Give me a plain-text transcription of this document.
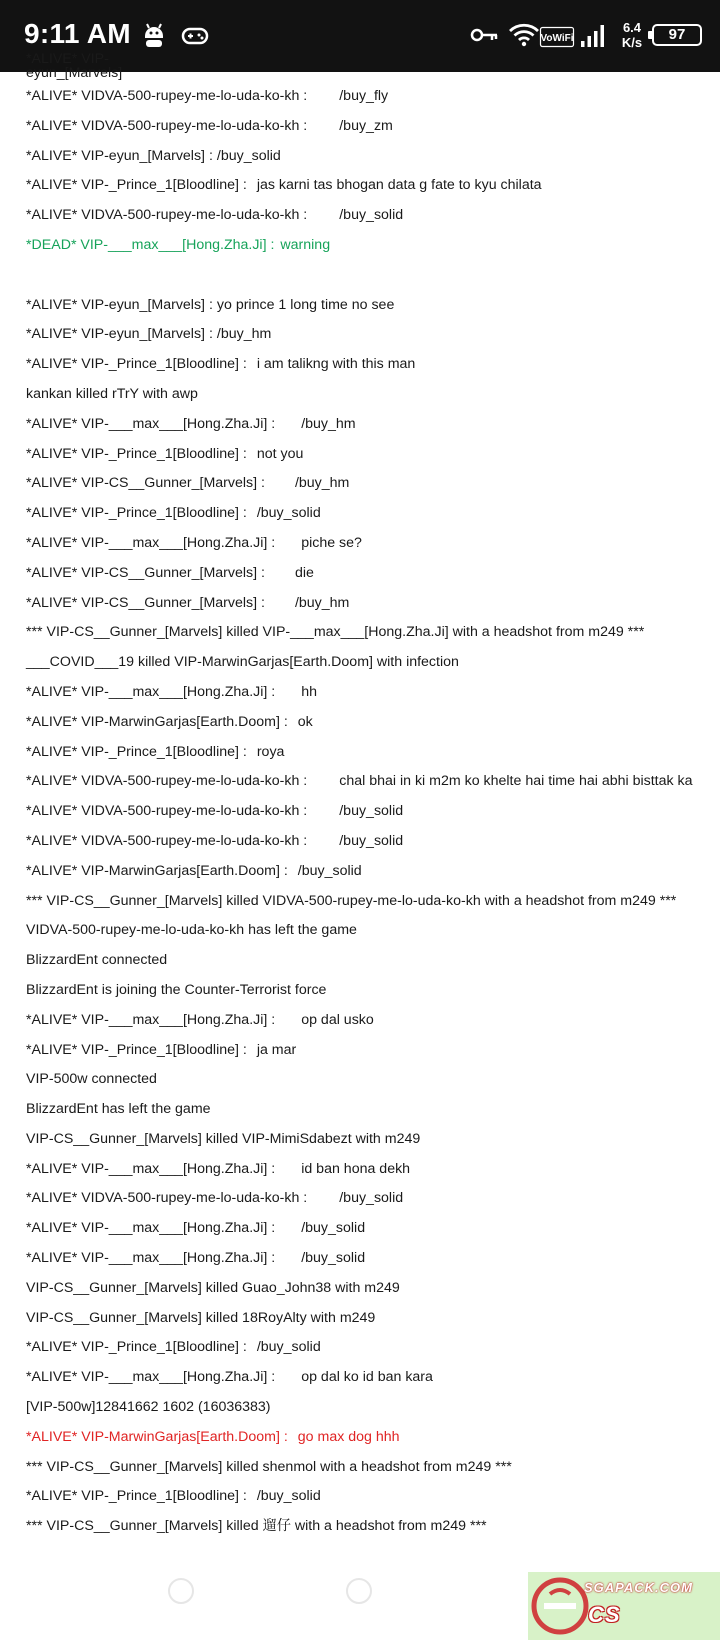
9:11 AM	VoWiFi
6.4
K/s	97
*ALIVE* VIP-eyun_[Marvels]
*ALIVE* VIDVA-500-rupey-me-lo-uda-ko-kh : /buy_fly
*ALIVE* VIDVA-500-rupey-me-lo-uda-ko-kh : /buy_zm
*ALIVE* VIP-eyun_[Marvels] : /buy_solid
*ALIVE* VIP-_Prince_1[Bloodline] : jas karni tas bhogan data g fate to kyu chilata
*ALIVE* VIDVA-500-rupey-me-lo-uda-ko-kh : /buy_solid
*DEAD* VIP-___max___[Hong.Zha.Ji] : warning
*ALIVE* VIP-eyun_[Marvels] : yo prince 1 long time no see
*ALIVE* VIP-eyun_[Marvels] : /buy_hm
*ALIVE* VIP-_Prince_1[Bloodline] : i am talikng with this man
kankan killed rTrY with awp
*ALIVE* VIP-___max___[Hong.Zha.Ji] : /buy_hm
*ALIVE* VIP-_Prince_1[Bloodline] : not you
*ALIVE* VIP-CS__Gunner_[Marvels] : /buy_hm
*ALIVE* VIP-_Prince_1[Bloodline] : /buy_solid
*ALIVE* VIP-___max___[Hong.Zha.Ji] : piche se?
*ALIVE* VIP-CS__Gunner_[Marvels] : die
*ALIVE* VIP-CS__Gunner_[Marvels] : /buy_hm
*** VIP-CS__Gunner_[Marvels] killed VIP-___max___[Hong.Zha.Ji] with a headshot from m249 ***
___COVID___19 killed VIP-MarwinGarjas[Earth.Doom] with infection
*ALIVE* VIP-___max___[Hong.Zha.Ji] : hh
*ALIVE* VIP-MarwinGarjas[Earth.Doom] : ok
*ALIVE* VIP-_Prince_1[Bloodline] : roya
*ALIVE* VIDVA-500-rupey-me-lo-uda-ko-kh : chal bhai in ki m2m ko khelte hai time hai abhi bisttak ka
*ALIVE* VIDVA-500-rupey-me-lo-uda-ko-kh : /buy_solid
*ALIVE* VIDVA-500-rupey-me-lo-uda-ko-kh : /buy_solid
*ALIVE* VIP-MarwinGarjas[Earth.Doom] : /buy_solid
*** VIP-CS__Gunner_[Marvels] killed VIDVA-500-rupey-me-lo-uda-ko-kh with a headshot from m249 ***
VIDVA-500-rupey-me-lo-uda-ko-kh has left the game
BlizzardEnt connected
BlizzardEnt is joining the Counter-Terrorist force
*ALIVE* VIP-___max___[Hong.Zha.Ji] : op dal usko
*ALIVE* VIP-_Prince_1[Bloodline] : ja mar
VIP-500w connected
BlizzardEnt has left the game
VIP-CS__Gunner_[Marvels] killed VIP-MimiSdabezt with m249
*ALIVE* VIP-___max___[Hong.Zha.Ji] : id ban hona dekh
*ALIVE* VIDVA-500-rupey-me-lo-uda-ko-kh : /buy_solid
*ALIVE* VIP-___max___[Hong.Zha.Ji] : /buy_solid
*ALIVE* VIP-___max___[Hong.Zha.Ji] : /buy_solid
VIP-CS__Gunner_[Marvels] killed Guao_John38 with m249
VIP-CS__Gunner_[Marvels] killed 18RoyAlty with m249
*ALIVE* VIP-_Prince_1[Bloodline] : /buy_solid
*ALIVE* VIP-___max___[Hong.Zha.Ji] : op dal ko id ban kara
[VIP-500w]12841662 1602 (16036383)
*ALIVE* VIP-MarwinGarjas[Earth.Doom] : go max dog hhh
*** VIP-CS__Gunner_[Marvels] killed shenmol with a headshot from m249 ***
*ALIVE* VIP-_Prince_1[Bloodline] : /buy_solid
*** VIP-CS__Gunner_[Marvels] killed 遛仔 with a headshot from m249 ***
SGAPACK.COM
CS
